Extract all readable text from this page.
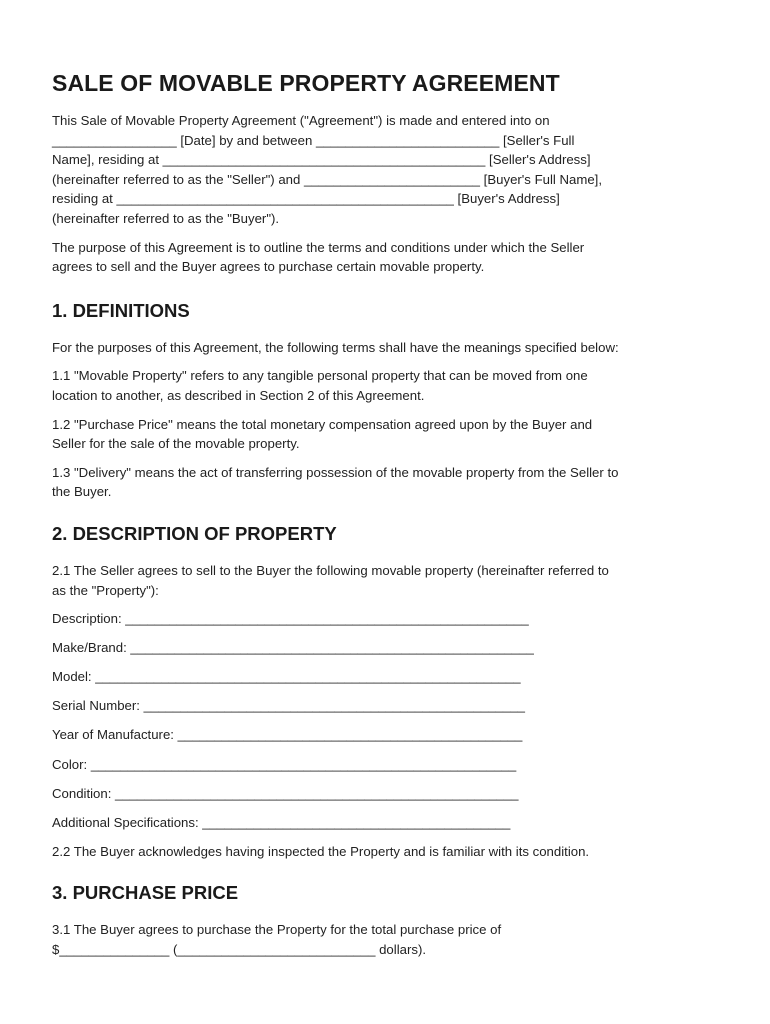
SALE OF MOVABLE PROPERTY AGREEMENT

This Sale of Movable Property Agreement ("Agreement") is made and entered into on
_________________ [Date] by and between _________________________ [Seller's Full
Name], residing at ____________________________________________ [Seller's Address]
(hereinafter referred to as the "Seller") and ________________________ [Buyer's Full Name],
residing at ______________________________________________ [Buyer's Address]
(hereinafter referred to as the "Buyer").

The purpose of this Agreement is to outline the terms and conditions under which the Seller
agrees to sell and the Buyer agrees to purchase certain movable property.

1. DEFINITIONS

For the purposes of this Agreement, the following terms shall have the meanings specified below:

1.1 "Movable Property" refers to any tangible personal property that can be moved from one
location to another, as described in Section 2 of this Agreement.

1.2 "Purchase Price" means the total monetary compensation agreed upon by the Buyer and
Seller for the sale of the movable property.

1.3 "Delivery" means the act of transferring possession of the movable property from the Seller to
the Buyer.

2. DESCRIPTION OF PROPERTY

2.1 The Seller agrees to sell to the Buyer the following movable property (hereinafter referred to
as the "Property"):

Description: _______________________________________________________
Make/Brand: _______________________________________________________
Model: __________________________________________________________
Serial Number: ____________________________________________________
Year of Manufacture: _______________________________________________
Color: __________________________________________________________
Condition: _______________________________________________________
Additional Specifications: __________________________________________

2.2 The Buyer acknowledges having inspected the Property and is familiar with its condition.

3. PURCHASE PRICE

3.1 The Buyer agrees to purchase the Property for the total purchase price of
$_______________ (___________________________ dollars).
